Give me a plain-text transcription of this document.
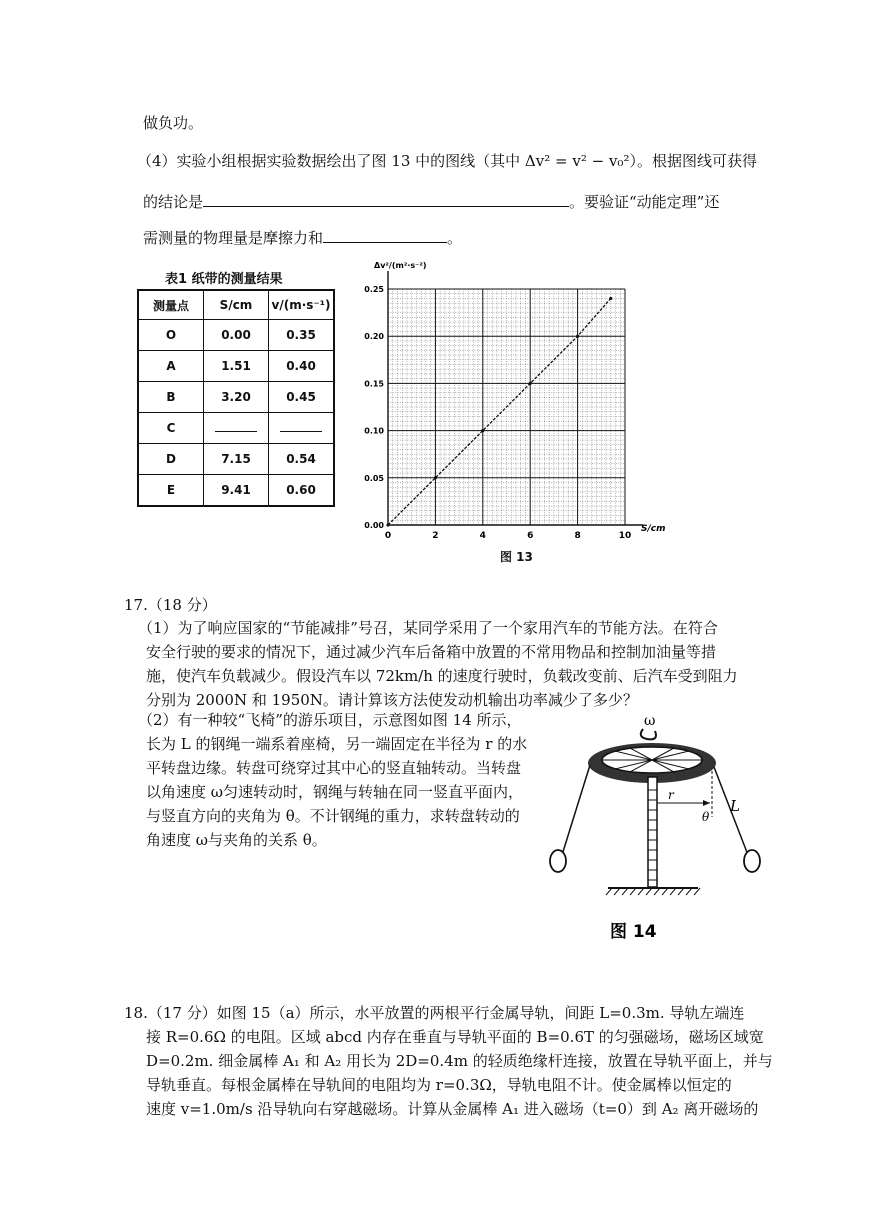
做负功。
（4）实验小组根据实验数据绘出了图 13 中的图线（其中 Δv² = v² − v₀²）。根据图线可获得
的结论是	。要验证“动能定理”还
需测量的物理量是摩擦力和	。
表1 纸带的测量结果
测量点	S/cm	v/(m·s⁻¹)
O	0.00	0.35
A	1.51	0.40
B	3.20	0.45
C		
D	7.15	0.54
E	9.41	0.60
0	2	4	6	8	10
0.00
0.05
0.10
0.15
0.20
0.25
Δv²/(m²·s⁻²)
S/cm
图 13
17.（18 分）
（1）为了响应国家的“节能减排”号召，某同学采用了一个家用汽车的节能方法。在符合
安全行驶的要求的情况下，通过减少汽车后备箱中放置的不常用物品和控制加油量等措
施，使汽车负载减少。假设汽车以 72km/h 的速度行驶时，负载改变前、后汽车受到阻力
分别为 2000N 和 1950N。请计算该方法使发动机输出功率减少了多少？
（2）有一种较“飞椅”的游乐项目，示意图如图 14 所示，
长为 L 的钢绳一端系着座椅，另一端固定在半径为 r 的水
平转盘边缘。转盘可绕穿过其中心的竖直轴转动。当转盘
以角速度 ω匀速转动时，钢绳与转轴在同一竖直平面内，
与竖直方向的夹角为 θ。不计钢绳的重力，求转盘转动的
角速度 ω与夹角的关系 θ。
ω
r
θ
L
图 14
18.（17 分）如图 15（a）所示，水平放置的两根平行金属导轨，间距 L=0.3m. 导轨左端连
接 R=0.6Ω 的电阻。区域 abcd 内存在垂直与导轨平面的 B=0.6T 的匀强磁场，磁场区域宽
D=0.2m. 细金属棒 A₁ 和 A₂ 用长为 2D=0.4m 的轻质绝缘杆连接，放置在导轨平面上，并与
导轨垂直。每根金属棒在导轨间的电阻均为 r=0.3Ω，导轨电阻不计。使金属棒以恒定的
速度 v=1.0m/s 沿导轨向右穿越磁场。计算从金属棒 A₁ 进入磁场（t=0）到 A₂ 离开磁场的
